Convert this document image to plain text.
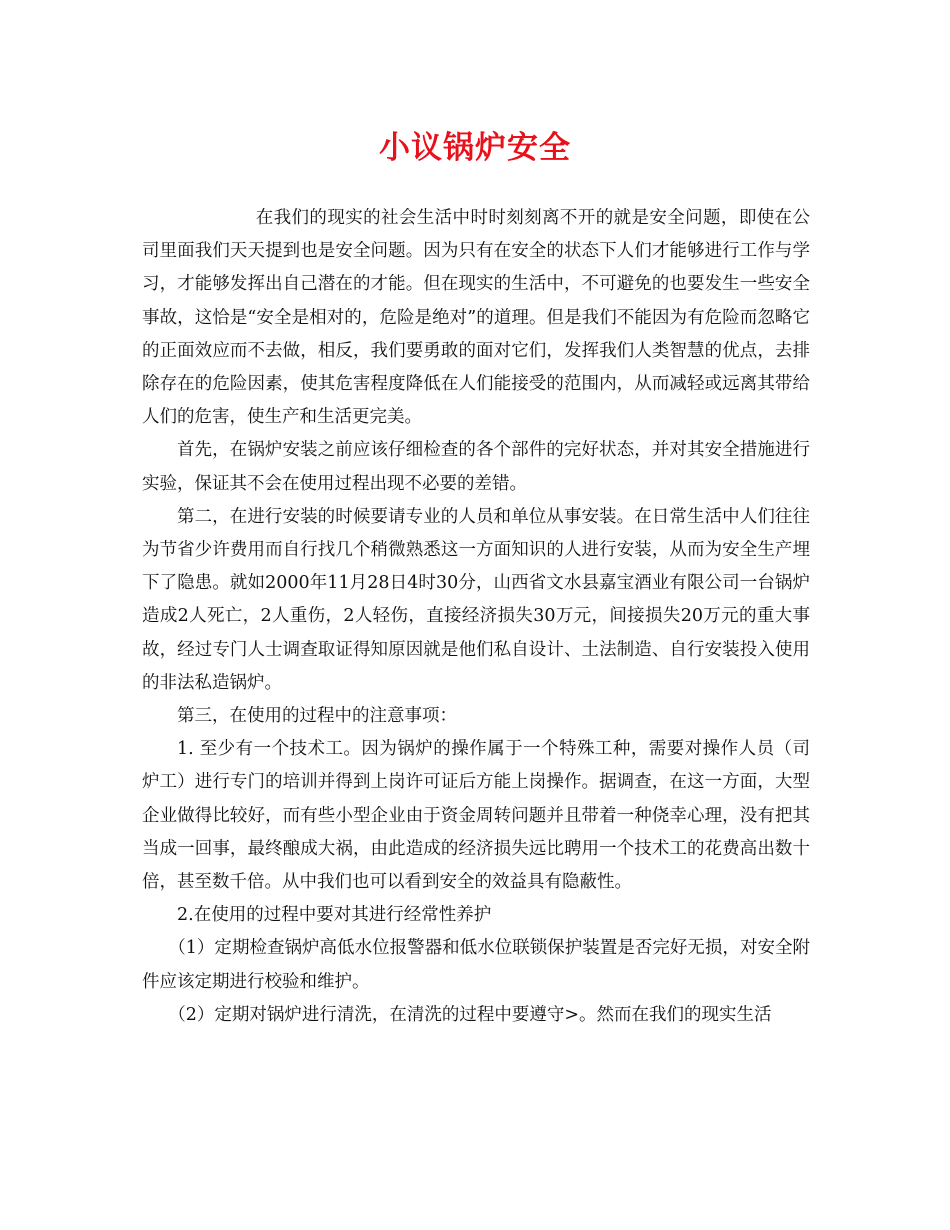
小议锅炉安全

在我们的现实的社会生活中时时刻刻离不开的就是安全问题，即使在公司里面我们天天提到也是安全问题。因为只有在安全的状态下人们才能够进行工作与学习，才能够发挥出自己潜在的才能。但在现实的生活中，不可避免的也要发生一些安全事故，这恰是“安全是相对的，危险是绝对”的道理。但是我们不能因为有危险而忽略它的正面效应而不去做，相反，我们要勇敢的面对它们，发挥我们人类智慧的优点，去排除存在的危险因素，使其危害程度降低在人们能接受的范围内，从而减轻或远离其带给人们的危害，使生产和生活更完美。

首先，在锅炉安装之前应该仔细检查的各个部件的完好状态，并对其安全措施进行实验，保证其不会在使用过程出现不必要的差错。

第二，在进行安装的时候要请专业的人员和单位从事安装。在日常生活中人们往往为节省少许费用而自行找几个稍微熟悉这一方面知识的人进行安装，从而为安全生产埋下了隐患。就如2000年11月28日4时30分，山西省文水县嘉宝酒业有限公司一台锅炉造成2人死亡，2人重伤，2人轻伤，直接经济损失30万元，间接损失20万元的重大事故，经过专门人士调查取证得知原因就是他们私自设计、土法制造、自行安装投入使用的非法私造锅炉。

第三，在使用的过程中的注意事项：

1. 至少有一个技术工。因为锅炉的操作属于一个特殊工种，需要对操作人员（司炉工）进行专门的培训并得到上岗许可证后方能上岗操作。据调查，在这一方面，大型企业做得比较好，而有些小型企业由于资金周转问题并且带着一种侥幸心理，没有把其当成一回事，最终酿成大祸，由此造成的经济损失远比聘用一个技术工的花费高出数十倍，甚至数千倍。从中我们也可以看到安全的效益具有隐蔽性。

2.在使用的过程中要对其进行经常性养护

（1）定期检查锅炉高低水位报警器和低水位联锁保护装置是否完好无损，对安全附件应该定期进行校验和维护。

（2）定期对锅炉进行清洗，在清洗的过程中要遵守>。然而在我们的现实生活
